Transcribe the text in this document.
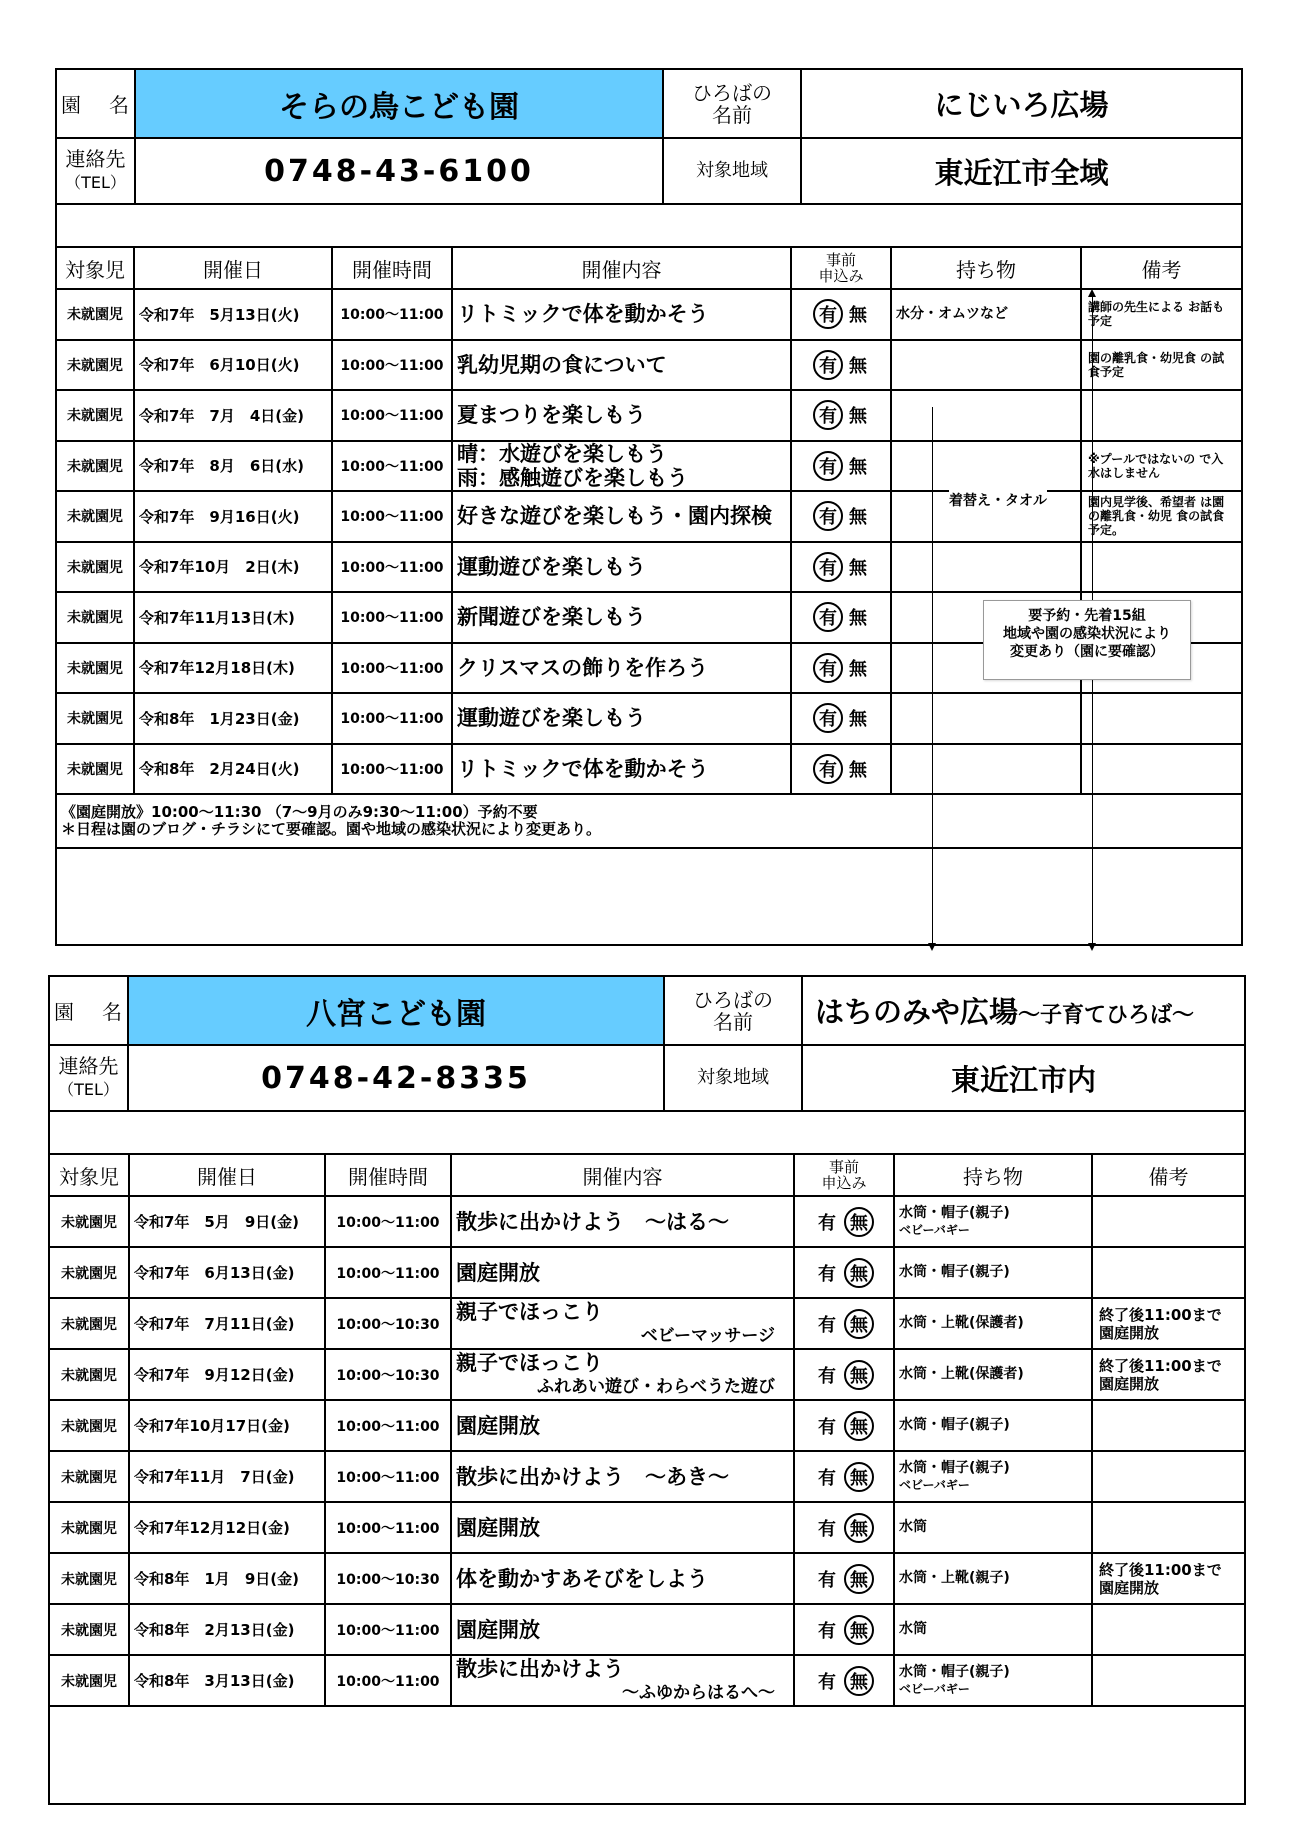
園　名	そらの鳥こども園	ひろばの
名前	にじいろ広場
連絡先
（TEL）	0748-43-6100	対象地域	東近江市全域

対象児	開催日	開催時間	開催内容	事前
申込み	持ち物	備考
未就園児	令和7年　5月13日(火)	10:00～11:00	リトミックで体を動かそう	有 無	水分・オムツなど	講師の先生による お話も予定
未就園児	令和7年　6月10日(火)	10:00～11:00	乳幼児期の食について	有 無		園の離乳食・幼児食 の試食予定
未就園児	令和7年　7月　4日(金)	10:00～11:00	夏まつりを楽しもう	有 無		
未就園児	令和7年　8月　6日(水)	10:00～11:00	晴：水遊びを楽しもう
雨：感触遊びを楽しもう	有 無		※プールではないの で入水はしません
未就園児	令和7年　9月16日(火)	10:00～11:00	好きな遊びを楽しもう・園内探検	有 無		園内見学後、希望者 は園の離乳食・幼児 食の試食予定。
未就園児	令和7年10月　2日(木)	10:00～11:00	運動遊びを楽しもう	有 無		
未就園児	令和7年11月13日(木)	10:00～11:00	新聞遊びを楽しもう	有 無		
未就園児	令和7年12月18日(木)	10:00～11:00	クリスマスの飾りを作ろう	有 無		
未就園児	令和8年　1月23日(金)	10:00～11:00	運動遊びを楽しもう	有 無		
未就園児	令和8年　2月24日(火)	10:00～11:00	リトミックで体を動かそう	有 無		
《園庭開放》10:00～11:30 （7～9月のみ9:30～11:00）予約不要
＊日程は園のブログ・チラシにて要確認。園や地域の感染状況により変更あり。						
着替え・タオル
要予約・先着15組
地域や園の感染状況により
変更あり（園に要確認）
園　名	八宮こども園	ひろばの
名前	はちのみや広場～子育てひろば～
連絡先
（TEL）	0748-42-8335	対象地域	東近江市内

対象児	開催日	開催時間	開催内容	事前
申込み	持ち物	備考
未就園児	令和7年　5月　9日(金)	10:00～11:00	散歩に出かけよう　～はる～	有 無	水筒・帽子(親子)
ベビーバギー	

未就園児	令和7年　6月13日(金)	10:00～11:00	園庭開放	有 無	水筒・帽子(親子)	
未就園児	令和7年　7月11日(金)	10:00～10:30	親子でほっこり
ベビーマッサージ	有 無	水筒・上靴(保護者)	終了後11:00まで 園庭開放
未就園児	令和7年　9月12日(金)	10:00～10:30	親子でほっこり
ふれあい遊び・わらべうた遊び	有 無	水筒・上靴(保護者)	終了後11:00まで 園庭開放
未就園児	令和7年10月17日(金)	10:00～11:00	園庭開放	有 無	水筒・帽子(親子)	
未就園児	令和7年11月　7日(金)	10:00～11:00	散歩に出かけよう　～あき～	有 無	水筒・帽子(親子)
ベビーバギー	

未就園児	令和7年12月12日(金)	10:00～11:00	園庭開放	有 無	水筒	
未就園児	令和8年　1月　9日(金)	10:00～10:30	体を動かすあそびをしよう	有 無	水筒・上靴(親子)	終了後11:00まで 園庭開放
未就園児	令和8年　2月13日(金)	10:00～11:00	園庭開放	有 無	水筒	
未就園児	令和8年　3月13日(金)	10:00～11:00	散歩に出かけよう
～ふゆからはるへ～	有 無	水筒・帽子(親子)
ベビーバギー	
